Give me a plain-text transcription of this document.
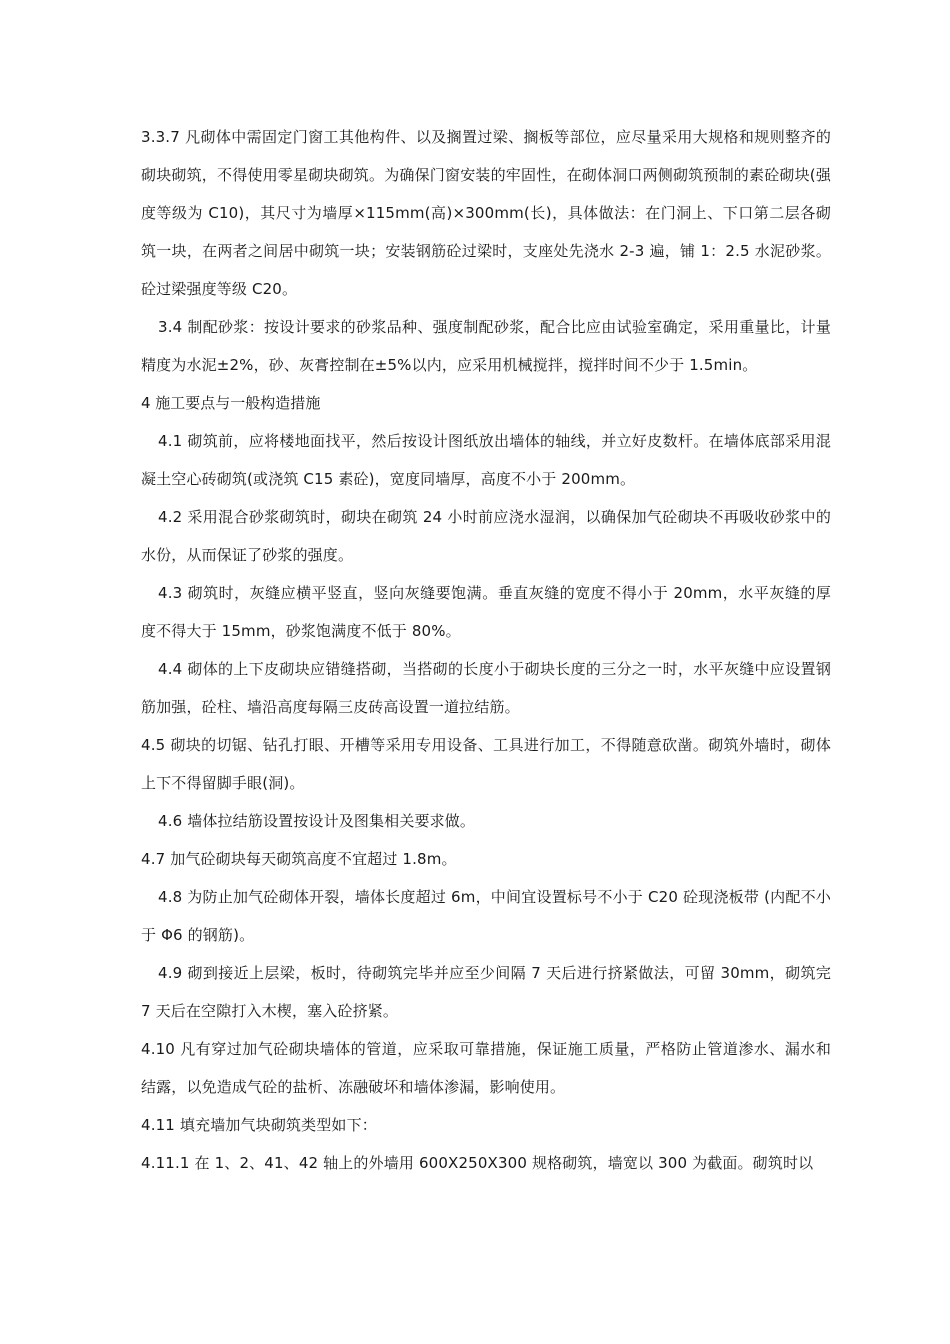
3.3.7 凡砌体中需固定门窗工其他构件、以及搁置过梁、搁板等部位，应尽量采用大规格和规则整齐的砌块砌筑，不得使用零星砌块砌筑。为确保门窗安装的牢固性，在砌体洞口两侧砌筑预制的素砼砌块(强度等级为 C10)，其尺寸为墙厚×115mm(高)×300mm(长)，具体做法：在门洞上、下口第二层各砌筑一块，在两者之间居中砌筑一块；安装钢筋砼过梁时，支座处先浇水 2-3 遍，铺 1：2.5 水泥砂浆。砼过梁强度等级 C20。

3.4 制配砂浆：按设计要求的砂浆品种、强度制配砂浆，配合比应由试验室确定，采用重量比，计量精度为水泥±2%，砂、灰膏控制在±5%以内，应采用机械搅拌，搅拌时间不少于 1.5min。

4 施工要点与一般构造措施

4.1 砌筑前，应将楼地面找平，然后按设计图纸放出墙体的轴线，并立好皮数杆。在墙体底部采用混凝土空心砖砌筑(或浇筑 C15 素砼)，宽度同墙厚，高度不小于 200mm。

4.2 采用混合砂浆砌筑时，砌块在砌筑 24 小时前应浇水湿润，以确保加气砼砌块不再吸收砂浆中的水份，从而保证了砂浆的强度。

4.3 砌筑时，灰缝应横平竖直，竖向灰缝要饱满。垂直灰缝的宽度不得小于 20mm，水平灰缝的厚度不得大于 15mm，砂浆饱满度不低于 80%。

4.4 砌体的上下皮砌块应错缝搭砌，当搭砌的长度小于砌块长度的三分之一时，水平灰缝中应设置钢筋加强，砼柱、墙沿高度每隔三皮砖高设置一道拉结筋。

4.5 砌块的切锯、钻孔打眼、开槽等采用专用设备、工具进行加工，不得随意砍凿。砌筑外墙时，砌体上下不得留脚手眼(洞)。

4.6 墙体拉结筋设置按设计及图集相关要求做。

4.7 加气砼砌块每天砌筑高度不宜超过 1.8m。

4.8 为防止加气砼砌体开裂，墙体长度超过 6m，中间宜设置标号不小于 C20 砼现浇板带 (内配不小于 Φ6 的钢筋)。

4.9 砌到接近上层梁，板时，待砌筑完毕并应至少间隔 7 天后进行挤紧做法，可留 30mm，砌筑完 7 天后在空隙打入木楔，塞入砼挤紧。

4.10 凡有穿过加气砼砌块墙体的管道，应采取可靠措施，保证施工质量，严格防止管道渗水、漏水和结露，以免造成气砼的盐析、冻融破坏和墙体渗漏，影响使用。

4.11 填充墙加气块砌筑类型如下：

4.11.1 在 1、2、41、42 轴上的外墙用 600X250X300 规格砌筑，墙宽以 300 为截面。砌筑时以
